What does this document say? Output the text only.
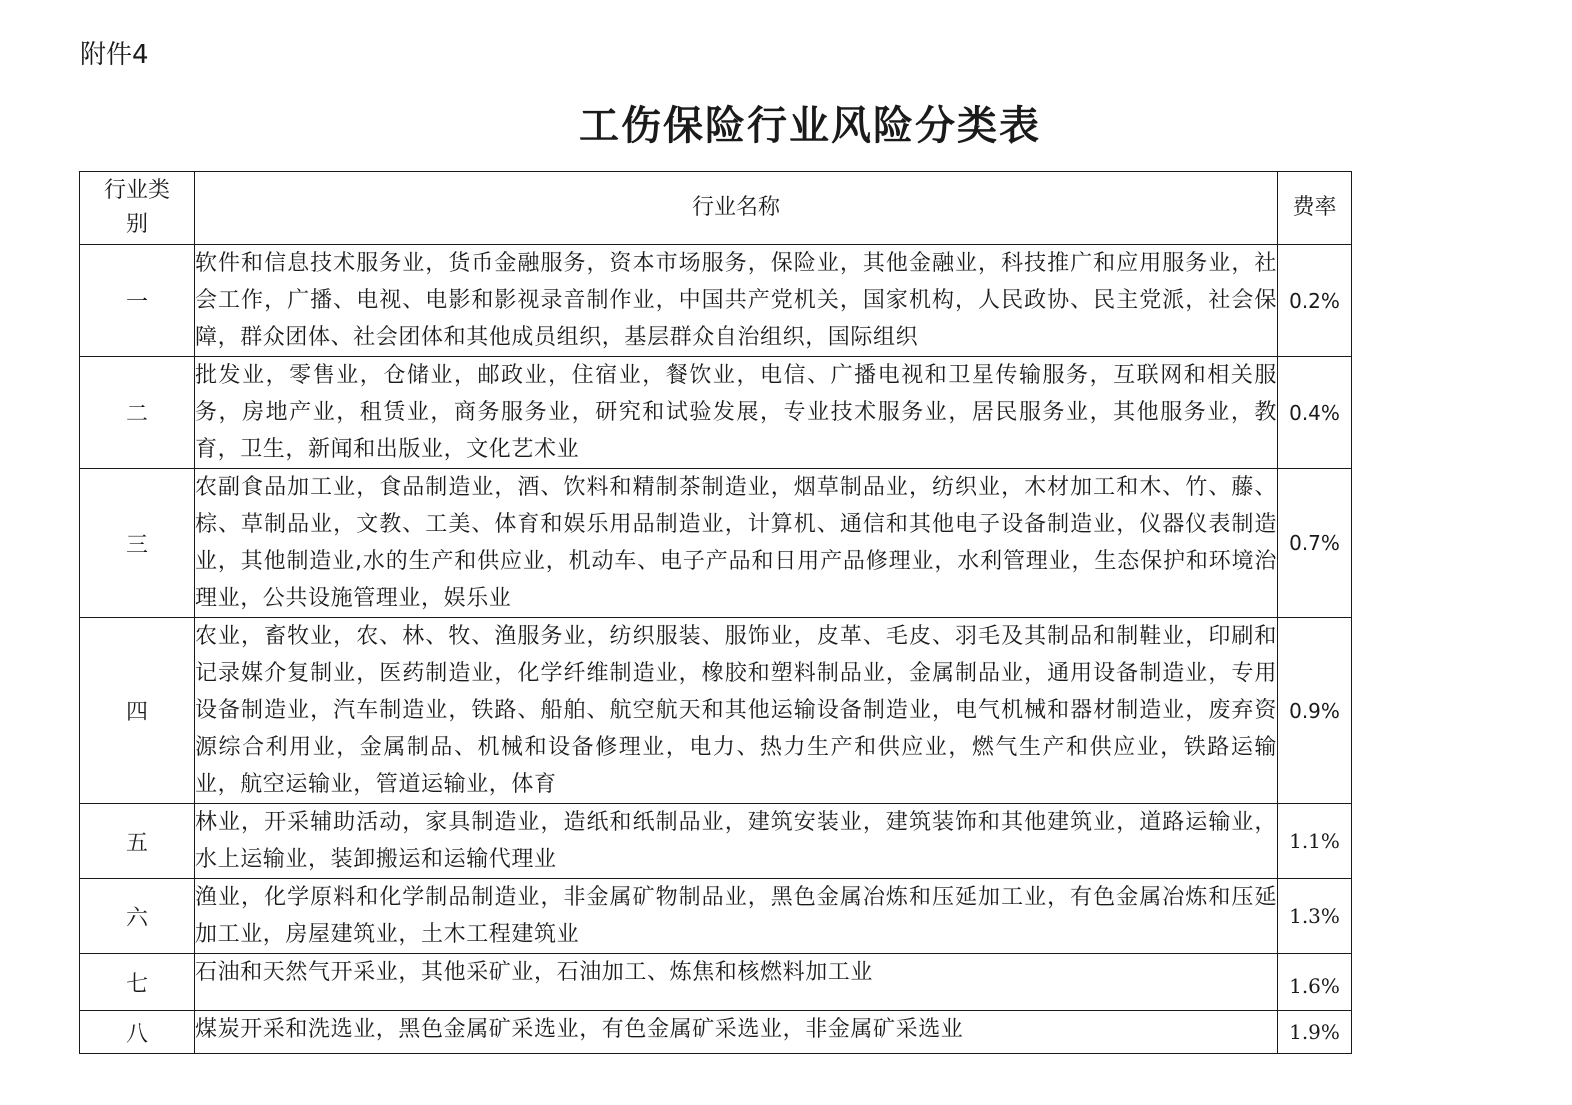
附件4
工伤保险行业风险分类表
行业类别	行业名称	费率
一	软件和信息技术服务业，货币金融服务，资本市场服务，保险业，其他金融业，科技推广和应用服务业，社会工作，广播、电视、电影和影视录音制作业，中国共产党机关，国家机构，人民政协、民主党派，社会保障，群众团体、社会团体和其他成员组织，基层群众自治组织，国际组织	0.2%
二	批发业，零售业，仓储业，邮政业，住宿业，餐饮业，电信、广播电视和卫星传输服务，互联网和相关服务，房地产业，租赁业，商务服务业，研究和试验发展，专业技术服务业，居民服务业，其他服务业，教育，卫生，新闻和出版业，文化艺术业	0.4%
三	农副食品加工业，食品制造业，酒、饮料和精制茶制造业，烟草制品业，纺织业，木材加工和木、竹、藤、棕、草制品业，文教、工美、体育和娱乐用品制造业，计算机、通信和其他电子设备制造业，仪器仪表制造业，其他制造业,水的生产和供应业，机动车、电子产品和日用产品修理业，水利管理业，生态保护和环境治理业，公共设施管理业，娱乐业	0.7%
四	农业，畜牧业，农、林、牧、渔服务业，纺织服装、服饰业，皮革、毛皮、羽毛及其制品和制鞋业，印刷和记录媒介复制业，医药制造业，化学纤维制造业，橡胶和塑料制品业，金属制品业，通用设备制造业，专用设备制造业，汽车制造业，铁路、船舶、航空航天和其他运输设备制造业，电气机械和器材制造业，废弃资源综合利用业，金属制品、机械和设备修理业，电力、热力生产和供应业，燃气生产和供应业，铁路运输业，航空运输业，管道运输业，体育	0.9%
五	林业，开采辅助活动，家具制造业，造纸和纸制品业，建筑安装业，建筑装饰和其他建筑业，道路运输业，水上运输业，装卸搬运和运输代理业	1.1%
六	渔业，化学原料和化学制品制造业，非金属矿物制品业，黑色金属冶炼和压延加工业，有色金属冶炼和压延加工业，房屋建筑业，土木工程建筑业	1.3%
七	石油和天然气开采业，其他采矿业，石油加工、炼焦和核燃料加工业	1.6%
八	煤炭开采和洗选业，黑色金属矿采选业，有色金属矿采选业，非金属矿采选业	1.9%
